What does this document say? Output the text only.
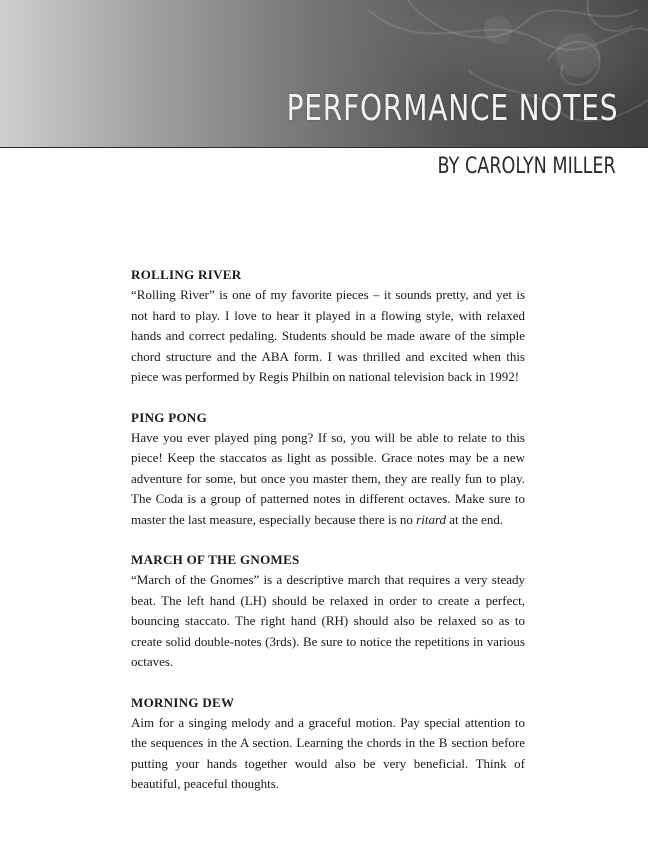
PERFORMANCE NOTES

BY CAROLYN MILLER

ROLLING RIVER

“Rolling River” is one of my favorite pieces – it sounds pretty, and yet is not hard to play. I love to hear it played in a flowing style, with relaxed hands and correct pedaling. Students should be made aware of the simple chord structure and the ABA form. I was thrilled and excited when this piece was performed by Regis Philbin on national television back in 1992!

PING PONG

Have you ever played ping pong? If so, you will be able to relate to this piece! Keep the staccatos as light as possible. Grace notes may be a new adventure for some, but once you master them, they are really fun to play. The Coda is a group of patterned notes in different octaves. Make sure to master the last measure, especially because there is no ritard at the end.

MARCH OF THE GNOMES

“March of the Gnomes” is a descriptive march that requires a very steady beat. The left hand (LH) should be relaxed in order to create a perfect, bouncing staccato. The right hand (RH) should also be relaxed so as to create solid double-notes (3rds). Be sure to notice the repetitions in various octaves.

MORNING DEW

Aim for a singing melody and a graceful motion. Pay special attention to the sequences in the A section. Learning the chords in the B section before putting your hands together would also be very beneficial. Think of beautiful, peaceful thoughts.
